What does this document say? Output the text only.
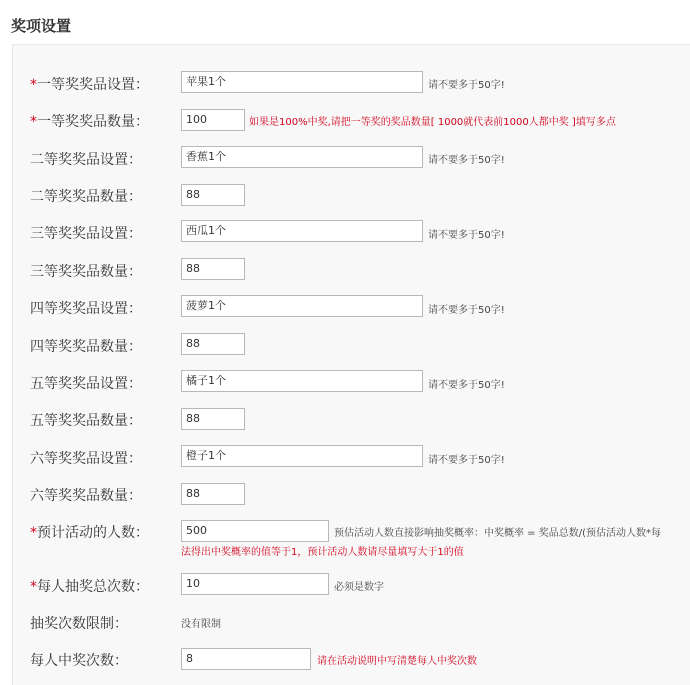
奖项设置
*一等奖奖品设置：	苹果1个	请不要多于50字!
*一等奖奖品数量：	100	如果是100%中奖,请把一等奖的奖品数量[ 1000就代表前1000人都中奖 ]填写多点
二等奖奖品设置：	香蕉1个	请不要多于50字!
二等奖奖品数量：	88
三等奖奖品设置：	西瓜1个	请不要多于50字!
三等奖奖品数量：	88
四等奖奖品设置：	菠萝1个	请不要多于50字!
四等奖奖品数量：	88
五等奖奖品设置：	橘子1个	请不要多于50字!
五等奖奖品数量：	88
六等奖奖品设置：	橙子1个	请不要多于50字!
六等奖奖品数量：	88
*预计活动的人数：	500	预估活动人数直接影响抽奖概率：中奖概率 = 奖品总数/(预估活动人数*每
法得出中奖概率的值等于1，预计活动人数请尽量填写大于1的值
*每人抽奖总次数：	10	必须是数字
抽奖次数限制：	没有限制
每人中奖次数：	8	请在活动说明中写清楚每人中奖次数
